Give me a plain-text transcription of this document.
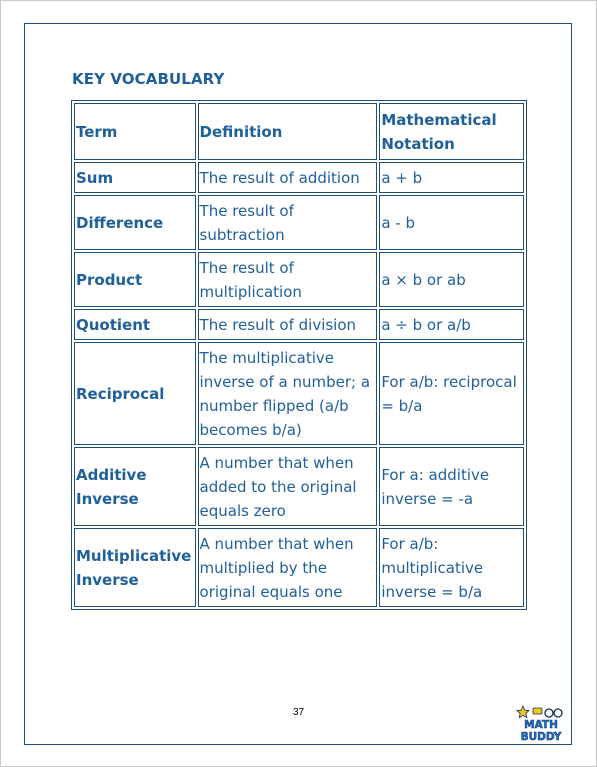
KEY VOCABULARY
Term	Definition	Mathematical Notation
Sum	The result of addition	a + b
Difference	The result of subtraction	a - b
Product	The result of multiplication	a × b or ab
Quotient	The result of division	a ÷ b or a/b
Reciprocal	The multiplicative inverse of a number; a number flipped (a/b becomes b/a)	For a/b: reciprocal = b/a
Additive Inverse	A number that when added to the original equals zero	For a: additive inverse = -a
Multiplicative Inverse	A number that when multiplied by the original equals one	For a/b: multiplicative inverse = b/a
37
MATH
BUDDY
